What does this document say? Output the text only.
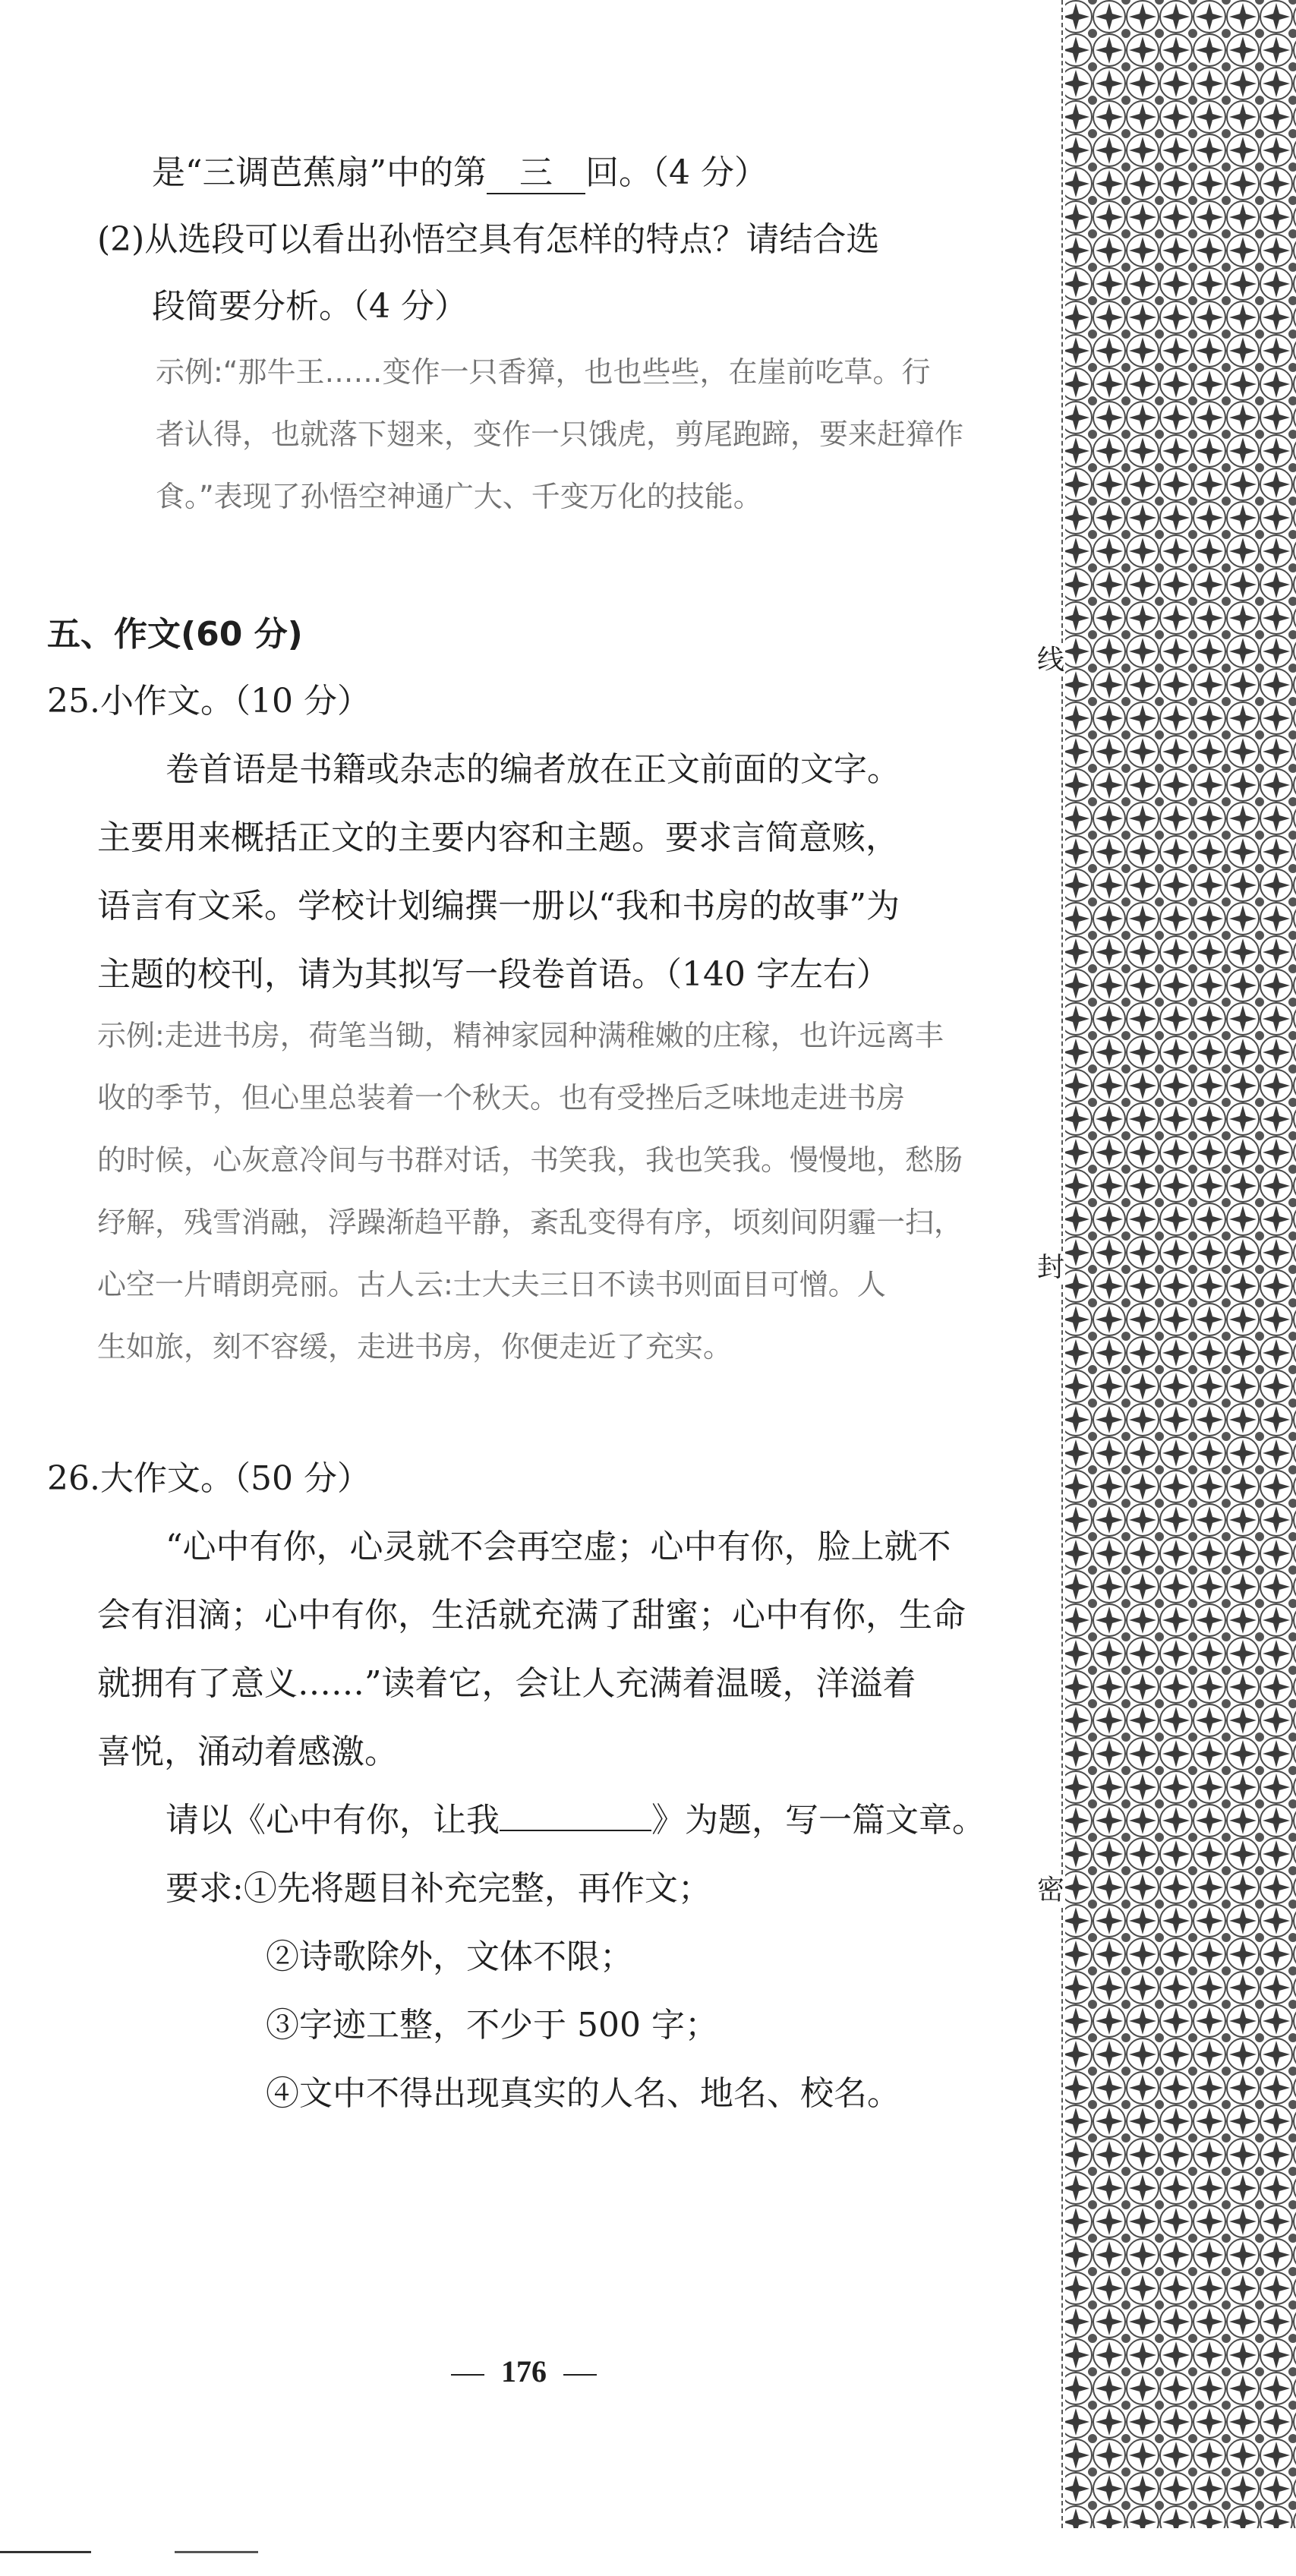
是“三调芭蕉扇”中的第 三 回。（4 分）
(2)从选段可以看出孙悟空具有怎样的特点？请结合选
段简要分析。（4 分）
示例:“那牛王……变作一只香獐，也也些些，在崖前吃草。行
者认得，也就落下翅来，变作一只饿虎，剪尾跑蹄，要来赶獐作
食。”表现了孙悟空神通广大、千变万化的技能。
五、作文(60 分)
25.小作文。（10 分）
卷首语是书籍或杂志的编者放在正文前面的文字。
主要用来概括正文的主要内容和主题。要求言简意赅，
语言有文采。学校计划编撰一册以“我和书房的故事”为
主题的校刊，请为其拟写一段卷首语。（140 字左右）
示例:走进书房，荷笔当锄，精神家园种满稚嫩的庄稼，也许远离丰
收的季节，但心里总装着一个秋天。也有受挫后乏味地走进书房
的时候，心灰意冷间与书群对话，书笑我，我也笑我。慢慢地，愁肠
纾解，残雪消融，浮躁渐趋平静，紊乱变得有序，顷刻间阴霾一扫，
心空一片晴朗亮丽。古人云:士大夫三日不读书则面目可憎。人
生如旅，刻不容缓，走进书房，你便走近了充实。
26.大作文。（50 分）
“心中有你，心灵就不会再空虚；心中有你，脸上就不
会有泪滴；心中有你，生活就充满了甜蜜；心中有你，生命
就拥有了意义……”读着它，会让人充满着温暖，洋溢着
喜悦，涌动着感激。
请以《心中有你，让我	》为题，写一篇文章。
要求:①先将题目补充完整，再作文；
②诗歌除外，文体不限；
③字迹工整，不少于 500 字；
④文中不得出现真实的人名、地名、校名。
176
线
封
密
